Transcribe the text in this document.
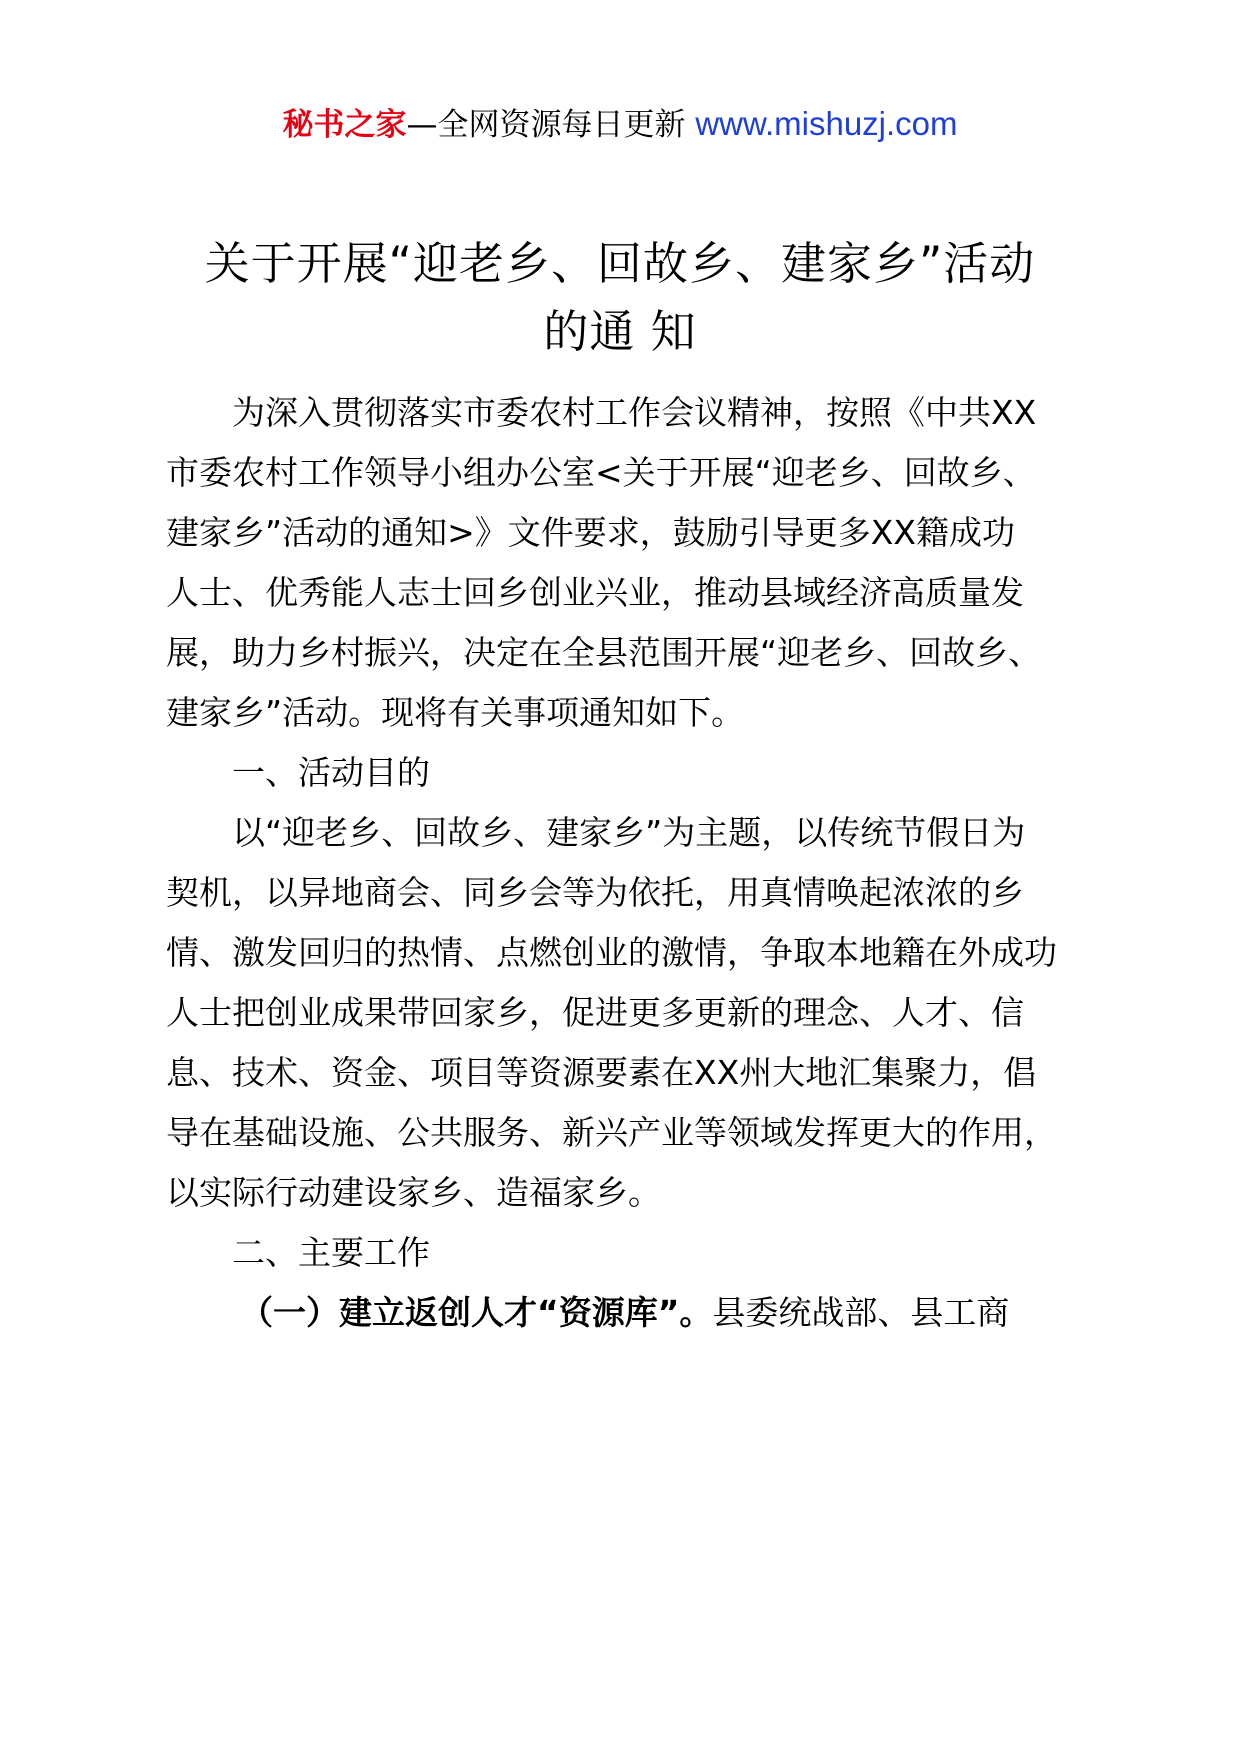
秘书之家—全网资源每日更新 www.mishuzj.com
关于开展“迎老乡、回故乡、建家乡”活动
的通 知
为深入贯彻落实市委农村工作会议精神，按照《中共XX
市委农村工作领导小组办公室<关于开展“迎老乡、回故乡、
建家乡”活动的通知>》文件要求，鼓励引导更多XX籍成功
人士、优秀能人志士回乡创业兴业，推动县域经济高质量发
展，助力乡村振兴，决定在全县范围开展“迎老乡、回故乡、
建家乡”活动。现将有关事项通知如下。
一、活动目的
以“迎老乡、回故乡、建家乡”为主题，以传统节假日为
契机，以异地商会、同乡会等为依托，用真情唤起浓浓的乡
情、激发回归的热情、点燃创业的激情，争取本地籍在外成功
人士把创业成果带回家乡，促进更多更新的理念、人才、信
息、技术、资金、项目等资源要素在XX州大地汇集聚力，倡
导在基础设施、公共服务、新兴产业等领域发挥更大的作用，
以实际行动建设家乡、造福家乡。
二、主要工作
（一）建立返创人才“资源库”。县委统战部、县工商
